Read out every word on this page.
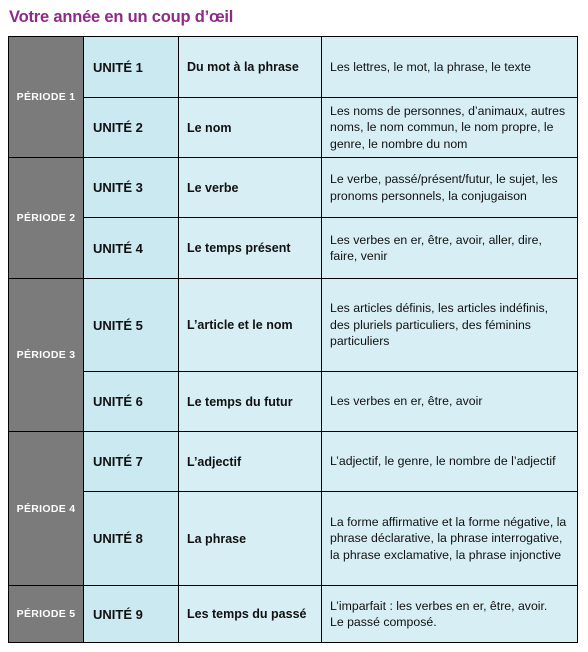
Votre année en un coup d’œil
PÉRIODE 1	UNITÉ 1	Du mot à la phrase	Les lettres, le mot, la phrase, le texte
	UNITÉ 2	Le nom	Les noms de personnes, d’animaux, autres noms, le nom commun, le nom propre, le genre, le nombre du nom
PÉRIODE 2	UNITÉ 3	Le verbe	Le verbe, passé/présent/futur, le sujet, les pronoms personnels, la conjugaison
	UNITÉ 4	Le temps présent	Les verbes en er, être, avoir, aller, dire, faire, venir
PÉRIODE 3	UNITÉ 5	L’article et le nom	Les articles définis, les articles indéfinis, des pluriels particuliers, des féminins particuliers
	UNITÉ 6	Le temps du futur	Les verbes en er, être, avoir
PÉRIODE 4	UNITÉ 7	L’adjectif	L’adjectif, le genre, le nombre de l’adjectif
	UNITÉ 8	La phrase	La forme affirmative et la forme négative, la phrase déclarative, la phrase interrogative, la phrase exclamative, la phrase injonctive
PÉRIODE 5	UNITÉ 9	Les temps du passé	L’imparfait : les verbes en er, être, avoir.
Le passé composé.
